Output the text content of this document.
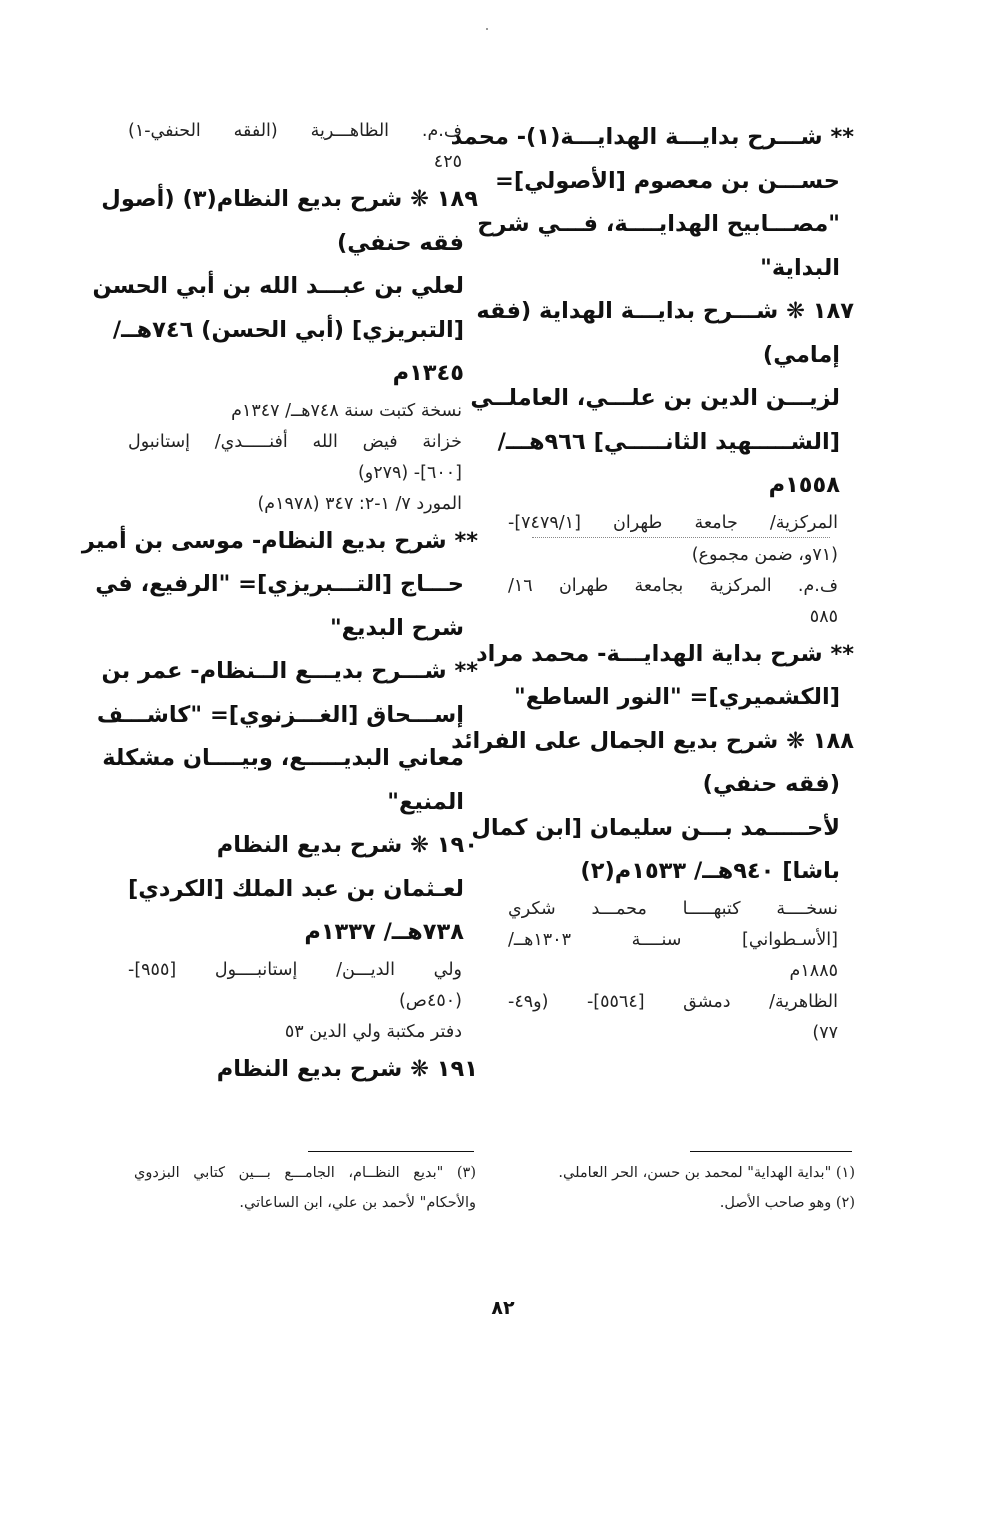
** شـــرح بدايـــة الهدايـــة(١)- محمد
حســـن بن معصوم [الأصولي]=
"مصـــابيح الهدايــــة، فـــي شرح
البداية"
١٨٧ ❋ شـــرح بدايـــة الهداية (فقه
إمامي)
لزيـــن الدين بن علـــي، العاملــي
[الشـــــهيد الثانـــــي] ٩٦٦هـــ/
١٥٥٨م
المركزية/ جامعة طهران [٧٤٧٩/١]-
(٧١و، ضمن مجموع)
ف.م. المركزية بجامعة طهران ١٦/
٥٨٥
** شرح بداية الهدايـــة- محمد مراد
[الكشميري]= "النور الساطع"
١٨٨ ❋ شرح بديع الجمال على الفرائد
(فقه حنفي)
لأحـــــمد بـــن سليمان [ابن كمال
باشا] ٩٤٠هــ/ ١٥٣٣م(٢)
نسخــــة كتبهـــــا محمـــد شكري
[الأسـطواني] سنــــة ١٣٠٣هــ/
١٨٨٥م
الظاهرية/ دمشق [٥٥٦٤]- (و٤٩-
٧٧)
ف.م. الظاهـــرية (الفقه الحنفي-١)
٤٢٥
١٨٩ ❋ شرح بديع النظام(٣) (أصول
فقه حنفي)
لعلي بن عبـــد الله بن أبي الحسن
[التبريزي] (أبي الحسن) ٧٤٦هــ/
١٣٤٥م
نسخة كتبت سنة ٧٤٨هــ/ ١٣٤٧م
خزانة فيض الله أفنـــــدي/ إستانبول
[٦٠٠]- (٢٧٩و)
المورد ٧/ ١-٢: ٣٤٧ (١٩٧٨م)
** شرح بديع النظام- موسى بن أمير
حـــاج [التـــبريزي]= "الرفيع، في
شرح البديع"
** شـــرح بديـــع الــنظام- عمر بن
إســـحاق [الغـــزنوي]= "كاشـــف
معاني البديـــــع، وبيــــان مشكلة
المنيع"
١٩٠ ❋ شرح بديع النظام
لعـثمان بن عبد الملك [الكردي]
٧٣٨هــ/ ١٣٣٧م
ولي الديـــن/ إستانبــــول [٩٥٥]-
(٤٥٠ص)
دفتر مكتبة ولي الدين ٥٣
١٩١ ❋ شرح بديع النظام
(١) "بداية الهداية" لمحمد بن حسن، الحر العاملي.
(٢) وهو صاحب الأصل.
(٣) "بديع النظــام، الجامـــع بـــين كتابي البزدوي
والأحكام" لأحمد بن علي، ابن الساعاتي.
٨٢
